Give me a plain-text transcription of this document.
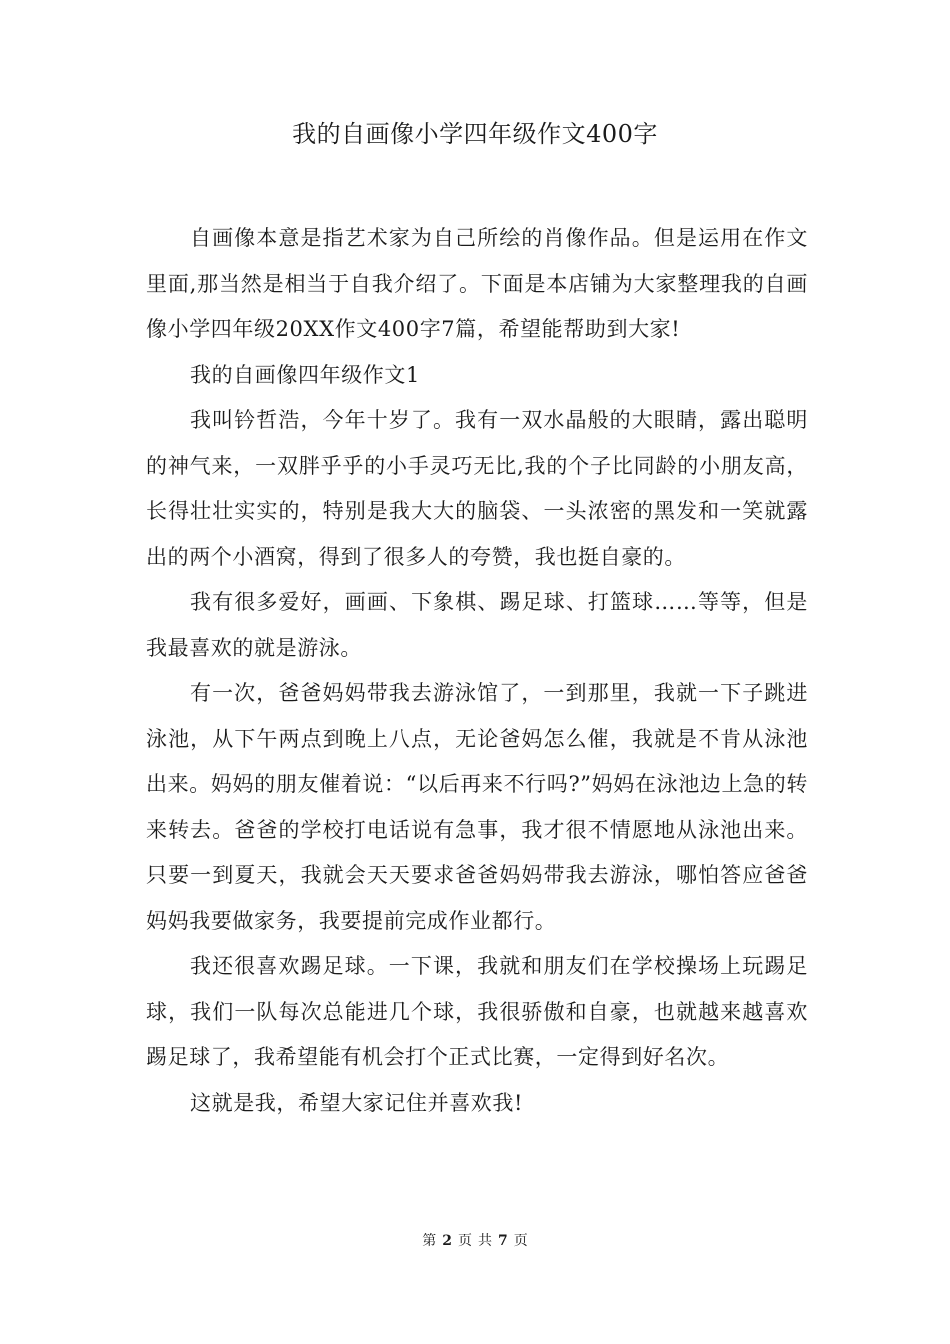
我的自画像小学四年级作文400字

自画像本意是指艺术家为自己所绘的肖像作品。但是运用在作文里面,那当然是相当于自我介绍了。下面是本店铺为大家整理我的自画像小学四年级20XX作文400字7篇，希望能帮助到大家!

我的自画像四年级作文1

我叫钤哲浩，今年十岁了。我有一双水晶般的大眼睛，露出聪明的神气来，一双胖乎乎的小手灵巧无比,我的个子比同龄的小朋友高，长得壮壮实实的，特别是我大大的脑袋、一头浓密的黑发和一笑就露出的两个小酒窝，得到了很多人的夸赞，我也挺自豪的。

我有很多爱好，画画、下象棋、踢足球、打篮球……等等，但是我最喜欢的就是游泳。

有一次，爸爸妈妈带我去游泳馆了，一到那里，我就一下子跳进泳池，从下午两点到晚上八点，无论爸妈怎么催，我就是不肯从泳池出来。妈妈的朋友催着说：“以后再来不行吗?”妈妈在泳池边上急的转来转去。爸爸的学校打电话说有急事，我才很不情愿地从泳池出来。只要一到夏天，我就会天天要求爸爸妈妈带我去游泳，哪怕答应爸爸妈妈我要做家务，我要提前完成作业都行。

我还很喜欢踢足球。一下课，我就和朋友们在学校操场上玩踢足球，我们一队每次总能进几个球，我很骄傲和自豪，也就越来越喜欢踢足球了，我希望能有机会打个正式比赛，一定得到好名次。

这就是我，希望大家记住并喜欢我!

第 2 页 共 7 页
